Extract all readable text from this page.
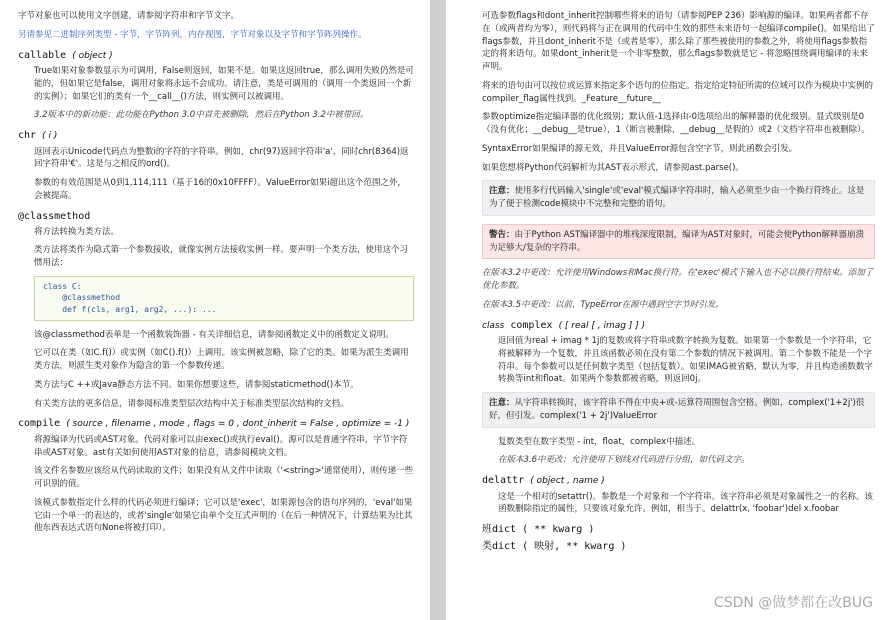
字节对象也可以使用文字创建，请参阅字符串和字节文字。

另请参见二进制序列类型 - 字节，字节阵列，内存视图，字节对象以及字节和字节阵列操作。

callable ( object )

True如果对象参数显示为可调用，False则返回，如果不是。如果这返回true，那么调用失败仍然是可能的，但如果它是false，调用对象将永远不会成功。请注意，类是可调用的（调用一个类返回一个新的实例）；如果它们的类有一个__call__()方法，则实例可以被调用。

3.2版本中的新功能：此功能在Python 3.0中首先被删除，然后在Python 3.2中被带回。

chr ( i )

返回表示Unicode代码点为整数i的字符的字符串。例如，chr(97)返回字符串'a'，同时chr(8364)返回字符串'€'。这是与之相反的ord()。

参数的有效范围是从0到1,114,111（基于16的0x10FFFF）。ValueError如果i超出这个范围之外，会被提高。

@classmethod

将方法转换为类方法。

类方法将类作为隐式第一个参数接收，就像实例方法接收实例一样。要声明一个类方法，使用这个习惯用法：

class C:
@classmethod
def f(cls, arg1, arg2, ...): ...

该@classmethod表单是一个函数装饰器 - 有关详细信息，请参阅函数定义中的函数定义说明。

它可以在类（如C.f()）或实例（如C().f()）上调用。该实例被忽略，除了它的类。如果为派生类调用类方法，则派生类对象作为隐含的第一个参数传递。

类方法与C ++或Java静态方法不同。如果你想要这些，请参阅staticmethod()本节。

有关类方法的更多信息，请参阅标准类型层次结构中关于标准类型层次结构的文档。

compile ( source , filename , mode , flags = 0 , dont_inherit = False , optimize = -1 )

将源编译为代码或AST对象。代码对象可以由exec()或执行eval()。源可以是普通字符串，字节字符串或AST对象。ast有关如何使用AST对象的信息，请参阅模块文档。

该文件名参数应该给从代码读取的文件；如果没有从文件中读取（'<string>'通常使用），则传递一些可识别的值。

该模式参数指定什么样的代码必须进行编译；它可以是'exec'，如果源包含的语句序列的，'eval'如果它由一个单一的表达的，或者'single'如果它由单个交互式声明的（在后一种情况下，计算结果为比其他东西表达式语句None将被打印）。

可选参数flags和dont_inherit控制哪些将来的语句（请参阅PEP 236）影响源的编译。如果两者都不存在（或两者均为零），则代码将与正在调用的代码中生效的那些未来语句一起编译compile()。如果给出了flags参数，并且dont_inherit不是（或者是零），那么除了那些被使用的参数之外，将使用flags参数指定的将来语句。如果dont_inherit是一个非零整数，那么flags参数就是它 - 将忽略围绕调用编译的未来声明。

将来的语句由可以按位或运算来指定多个语句的位指定。指定给定特征所需的位域可以作为模块中实例的compiler_flag属性找到。_Feature__future__

参数optimize指定编译器的优化级别；默认值-1选择由-0选项给出的解释器的优化级别。显式级别是0（没有优化；__debug__是true），1（断言被删除，__debug__是假的）或2（文档字符串也被删除）。

SyntaxError如果编译的源无效，并且ValueError源包含空字节，则此函数会引发。

如果您想将Python代码解析为其AST表示形式，请参阅ast.parse()。

注意：使用多行代码输入'single'或'eval'模式编译字符串时，输入必须至少由一个换行符终止。这是为了便于检测code模块中不完整和完整的语句。
警告：由于Python AST编译器中的堆栈深度限制，编译为AST对象时，可能会使Python解释器崩溃为足够大/复杂的字符串。

在版本3.2中更改：允许使用Windows和Mac换行符。在'exec'模式下输入也不必以换行符结束。添加了优化参数。

在版本3.5中更改：以前，TypeError在源中遇到空字节时引发。

class complex ( [ real [ , imag ] ] )

返回值为real + imag * 1j的复数或将字符串或数字转换为复数。如果第一个参数是一个字符串，它将被解释为一个复数，并且该函数必须在没有第二个参数的情况下被调用。第二个参数不能是一个字符串。每个参数可以是任何数字类型（包括复数）。如果IMAG被省略，默认为零，并且构造函数数字转换等int和float。如果两个参数都被省略，则返回0j。

注意：从字符串转换时，该字符串不得在中央+或-运算符周围包含空格。例如，complex('1+2j')很好，但引发。complex('1 + 2j')ValueError

复数类型在数字类型 - int，float，complex中描述。

在版本3.6中更改：允许使用下划线对代码进行分组，如代码文字。

delattr ( object , name )

这是一个相对的setattr()。参数是一个对象和一个字符串。该字符串必须是对象属性之一的名称。该函数删除指定的属性，只要该对象允许。例如，相当于。delattr(x, 'foobar')del x.foobar

班dict ( ** kwarg )
类dict ( 映射, ** kwarg )
CSDN @做梦都在改BUG
